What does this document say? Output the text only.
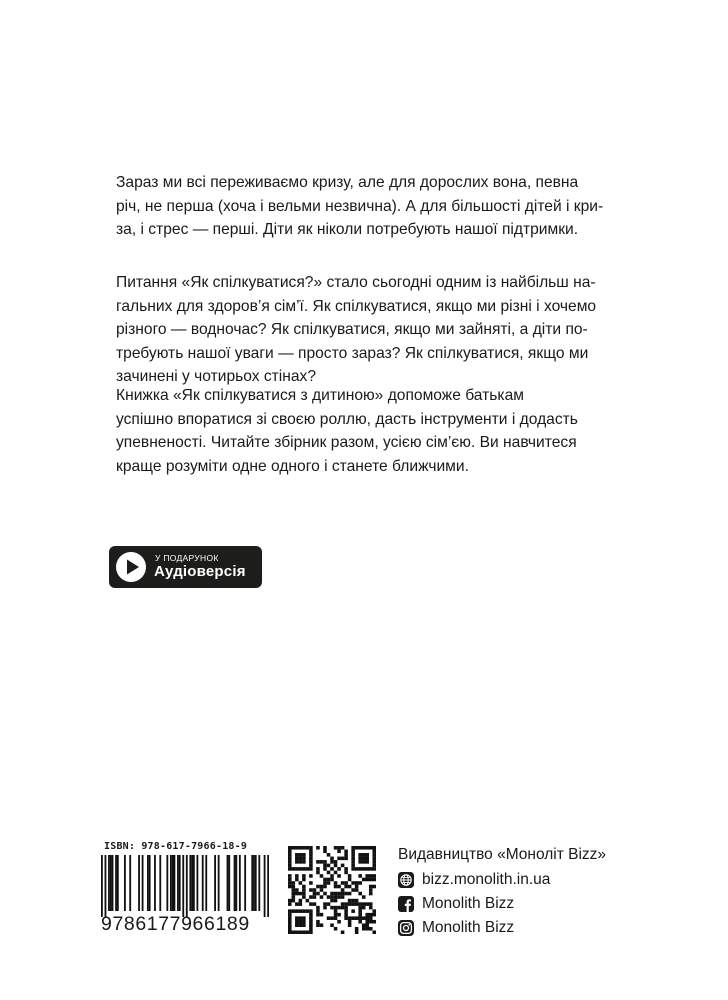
Зараз ми всі переживаємо кризу, але для дорослих вона, певна
річ, не перша (хоча і вельми незвична). А для більшості дітей і кри-
за, і стрес — перші. Діти як ніколи потребують нашої підтримки.

Питання «Як спілкуватися?» стало сьогодні одним із найбільш на-
гальних для здоров’я сім’ї. Як спілкуватися, якщо ми різні і хочемо
різного — водночас? Як спілкуватися, якщо ми зайняті, а діти по-
требують нашої уваги — просто зараз? Як спілкуватися, якщо ми
зачинені у чотирьох стінах?

Книжка «Як спілкуватися з дитиною» допоможе батькам
успішно впоратися зі своєю роллю, дасть інструменти і додасть
упевненості. Читайте збірник разом, усією сім’єю. Ви навчитеся
краще розуміти одне одного і станете ближчими.

У ПОДАРУНОК
Аудіоверсія
ISBN: 978-617-7966-18-9
9786177966189
Видавництво «Моноліт Bizz»
bizz.monolith.in.ua
Monolith Bizz
Monolith Bizz
